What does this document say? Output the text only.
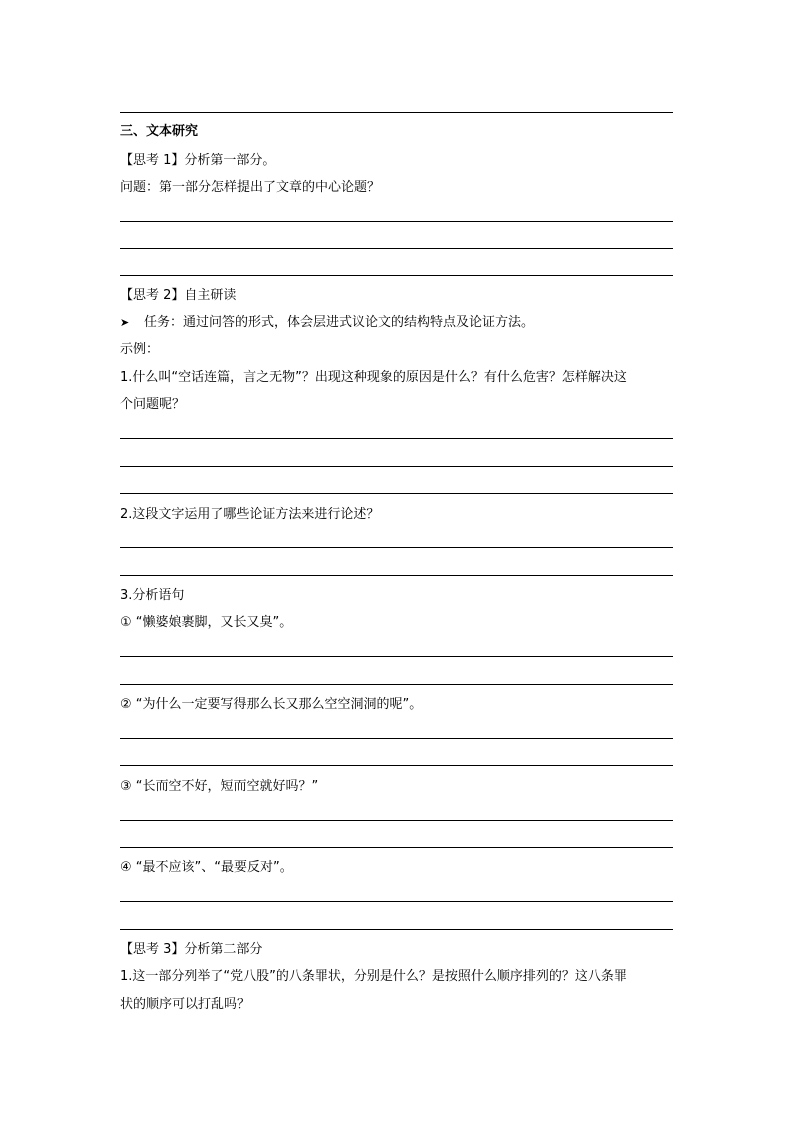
三、文本研究
【思考 1】分析第一部分。
问题：第一部分怎样提出了文章的中心论题？
【思考 2】自主研读
➤ 任务：通过问答的形式，体会层进式议论文的结构特点及论证方法。
示例：
1.什么叫“空话连篇，言之无物”？出现这种现象的原因是什么？有什么危害？怎样解决这
个问题呢？
2.这段文字运用了哪些论证方法来进行论述？
3.分析语句
① “懒婆娘裹脚，又长又臭”。
② “为什么一定要写得那么长又那么空空洞洞的呢”。
③ “长而空不好，短而空就好吗？”
④ “最不应该”、“最要反对”。
【思考 3】分析第二部分
1.这一部分列举了“党八股”的八条罪状，分别是什么？是按照什么顺序排列的？这八条罪
状的顺序可以打乱吗？
